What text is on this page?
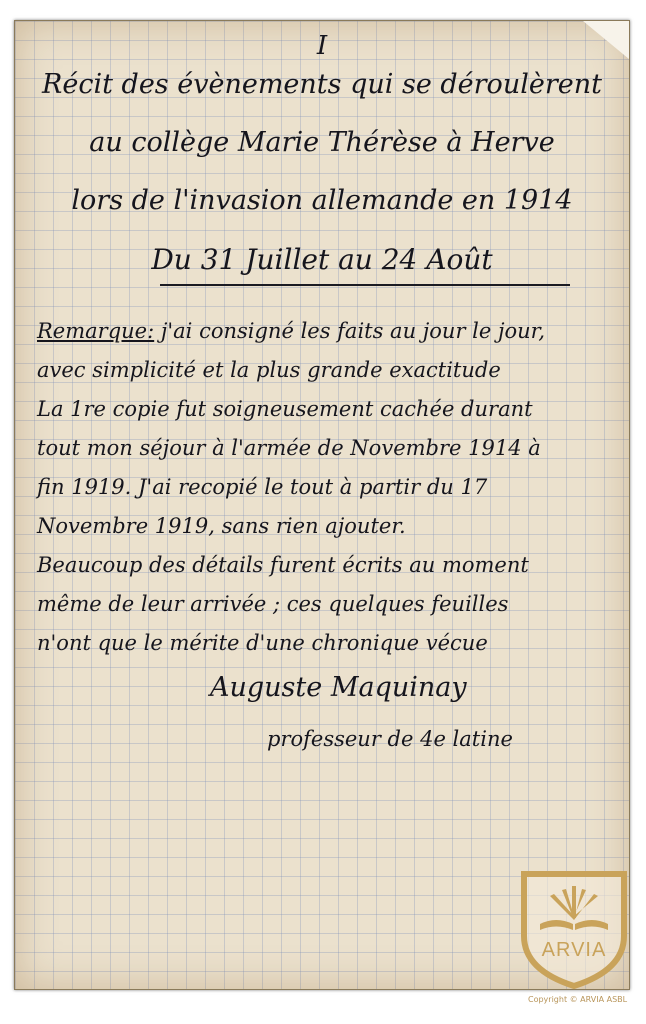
I
Récit des évènements qui se déroulèrent
au collège Marie Thérèse à Herve
lors de l'invasion allemande en 1914
Du 31 Juillet au 24 Août
Remarque: j'ai consigné les faits au jour le jour,
avec simplicité et la plus grande exactitude
La 1re copie fut soigneusement cachée durant
tout mon séjour à l'armée de Novembre 1914 à
fin 1919. J'ai recopié le tout à partir du 17
Novembre 1919, sans rien ajouter.
Beaucoup des détails furent écrits au moment
même de leur arrivée ; ces quelques feuilles
n'ont que le mérite d'une chronique vécue
Auguste Maquinay
professeur de 4e latine
ARVIA
Copyright © ARVIA ASBL
